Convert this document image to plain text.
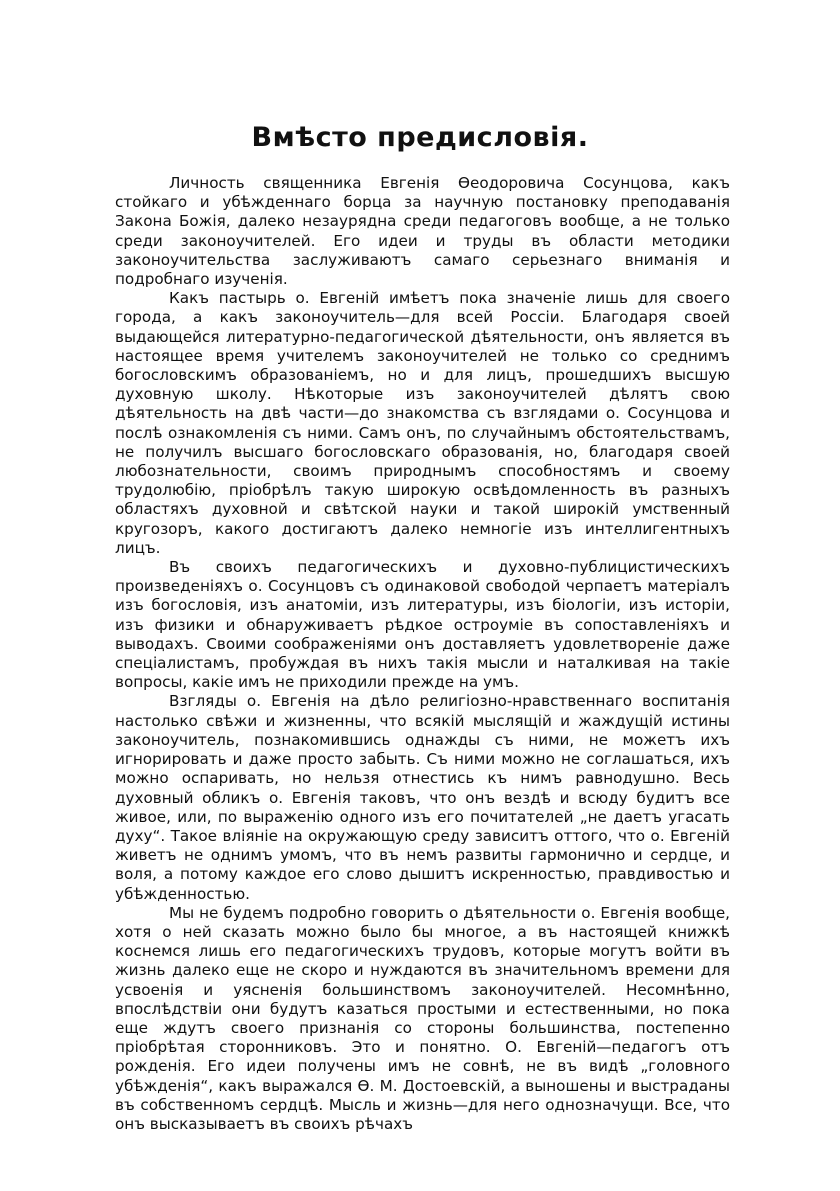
Вмѣсто предисловія.

Личность священника Евгенія Ѳеодоровича Сосунцова, какъ стойкаго и убѣжденнаго борца за научную постановку преподаванія Закона Божія, далеко незаурядна среди педагоговъ вообще, а не только среди законоучителей. Его идеи и труды въ области методики законоучительства заслуживаютъ самаго серьезнаго вниманія и подробнаго изученія.

Какъ пастырь о. Евгеній имѣетъ пока значеніе лишь для своего города, а какъ законоучитель—для всей Россіи. Благодаря своей выдающейся литературно-педагогической дѣятельности, онъ является въ настоящее время учителемъ законоучителей не только со среднимъ богословскимъ образованіемъ, но и для лицъ, прошедшихъ высшую духовную школу. Нѣкоторые изъ законоучителей дѣлятъ свою дѣятельность на двѣ части—до знакомства съ взглядами о. Сосунцова и послѣ ознакомленія съ ними. Самъ онъ, по случайнымъ обстоятельствамъ, не получилъ высшаго богословскаго образованія, но, благодаря своей любознательности, своимъ природнымъ способностямъ и своему трудолюбію, пріобрѣлъ такую широкую освѣдомленность въ разныхъ областяхъ духовной и свѣтской науки и такой широкій умственный кругозоръ, какого достигаютъ далеко немногіе изъ интеллигентныхъ лицъ.

Въ своихъ педагогическихъ и духовно-публицистическихъ произведеніяхъ о. Сосунцовъ съ одинаковой свободой черпаетъ матеріалъ изъ богословія, изъ анатоміи, изъ литературы, изъ біологіи, изъ исторіи, изъ физики и обнаруживаетъ рѣдкое остроуміе въ сопоставленіяхъ и выводахъ. Своими соображеніями онъ доставляетъ удовлетвореніе даже спеціалистамъ, пробуждая въ нихъ такія мысли и наталкивая на такіе вопросы, какіе имъ не приходили прежде на умъ.

Взгляды о. Евгенія на дѣло религіозно-нравственнаго воспитанія настолько свѣжи и жизненны, что всякій мыслящій и жаждущій истины законоучитель, познакомившись однажды съ ними, не можетъ ихъ игнорировать и даже просто забыть. Съ ними можно не соглашаться, ихъ можно оспаривать, но нельзя отнестись къ нимъ равнодушно. Весь духовный обликъ о. Евгенія таковъ, что онъ вездѣ и всюду будитъ все живое, или, по выраженію одного изъ его почитателей „не даетъ угасать духу“. Такое вліяніе на окружающую среду зависитъ оттого, что о. Евгеній живетъ не однимъ умомъ, что въ немъ развиты гармонично и сердце, и воля, а потому каждое его слово дышитъ искренностью, правдивостью и убѣжденностью.

Мы не будемъ подробно говорить о дѣятельности о. Евгенія вообще, хотя о ней сказать можно было бы многое, а въ настоящей книжкѣ коснемся лишь его педагогическихъ трудовъ, которые могутъ войти въ жизнь далеко еще не скоро и нуждаются въ значительномъ времени для усвоенія и уясненія большинствомъ законоучителей. Несомнѣнно, впослѣдствіи они будутъ казаться простыми и естественными, но пока еще ждутъ своего признанія со стороны большинства, постепенно пріобрѣтая сторонниковъ. Это и понятно. О. Евгеній—педагогъ отъ рожденія. Его идеи получены имъ не совнѣ, не въ видѣ „головного убѣжденія“, какъ выражался Ѳ. М. Достоевскій, а выношены и выстраданы въ собственномъ сердцѣ. Мысль и жизнь—для него однозначущи. Все, что онъ высказываетъ въ своихъ рѣчахъ
